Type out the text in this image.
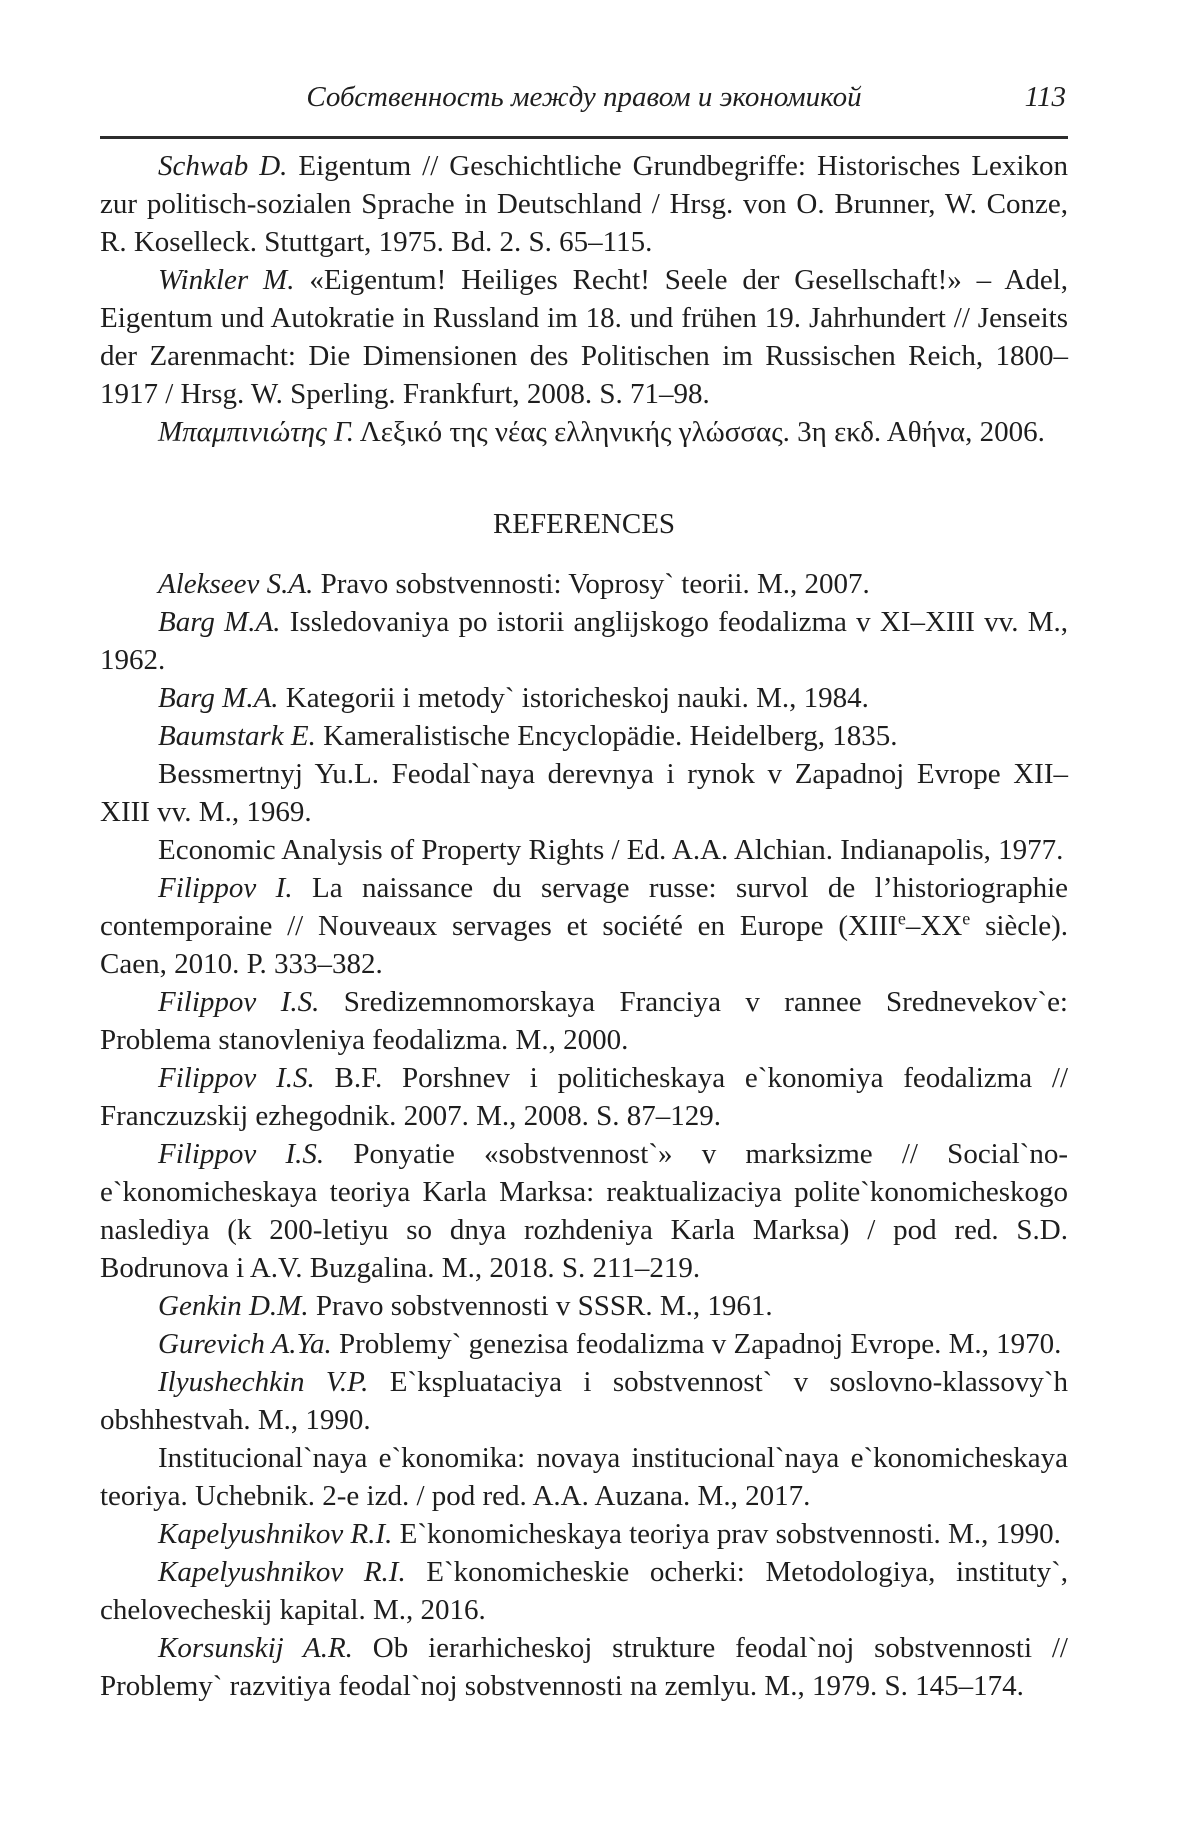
Собственность между правом и экономикой	113

Schwab D. Eigentum // Geschichtliche Grundbegriffe: Historisches Lexikon zur politisch-sozialen Sprache in Deutschland / Hrsg. von O. Brunner, W. Conze, R. Koselleck. Stuttgart, 1975. Bd. 2. S. 65–115.

Winkler M. «Eigentum! Heiliges Recht! Seele der Gesellschaft!» – Adel, Eigentum und Autokratie in Russland im 18. und frühen 19. Jahrhundert // Jenseits der Zarenmacht: Die Dimensionen des Politischen im Russischen Reich, 1800–1917 / Hrsg. W. Sperling. Frankfurt, 2008. S. 71–98.

Μπαμπινιώτης Γ. Λεξικό της νέας ελληνικής γλώσσας. 3η εκδ. Αθήνα, 2006.

REFERENCES

Alekseev S.A. Pravo sobstvennosti: Voprosy` teorii. M., 2007.

Barg M.A. Issledovaniya po istorii anglijskogo feodalizma v XI–XIII vv. M., 1962.

Barg M.A. Kategorii i metody` istoricheskoj nauki. M., 1984.

Baumstark E. Kameralistische Encyclopädie. Heidelberg, 1835.

Bessmertnyj Yu.L. Feodal`naya derevnya i rynok v Zapadnoj Evrope XII–XIII vv. M., 1969.

Economic Analysis of Property Rights / Ed. A.A. Alchian. Indianapolis, 1977.

Filippov I. La naissance du servage russe: survol de l’historiographie contemporaine // Nouveaux servages et société en Europe (XIIIe–XXe siècle). Caen, 2010. P. 333–382.

Filippov I.S. Sredizemnomorskaya Franciya v rannee Srednevekov`e: Problema stanovleniya feodalizma. M., 2000.

Filippov I.S. B.F. Porshnev i politicheskaya e`konomiya feodalizma // Franczuzskij ezhegodnik. 2007. M., 2008. S. 87–129.

Filippov I.S. Ponyatie «sobstvennost`» v marksizme // Social`no-e`konomicheskaya teoriya Karla Marksa: reaktualizaciya polite`konomicheskogo naslediya (k 200-letiyu so dnya rozhdeniya Karla Marksa) / pod red. S.D. Bodrunova i A.V. Buzgalina. M., 2018. S. 211–219.

Genkin D.M. Pravo sobstvennosti v SSSR. M., 1961.

Gurevich A.Ya. Problemy` genezisa feodalizma v Zapadnoj Evrope. M., 1970.

Ilyushechkin V.P. E`kspluataciya i sobstvennost` v soslovno-klassovy`h obshhestvah. M., 1990.

Institucional`naya e`konomika: novaya institucional`naya e`konomicheskaya teoriya. Uchebnik. 2-e izd. / pod red. A.A. Auzana. M., 2017.

Kapelyushnikov R.I. E`konomicheskaya teoriya prav sobstvennosti. M., 1990.

Kapelyushnikov R.I. E`konomicheskie ocherki: Metodologiya, instituty`, chelovecheskij kapital. M., 2016.

Korsunskij A.R. Ob ierarhicheskoj strukture feodal`noj sobstvennosti // Problemy` razvitiya feodal`noj sobstvennosti na zemlyu. M., 1979. S. 145–174.
